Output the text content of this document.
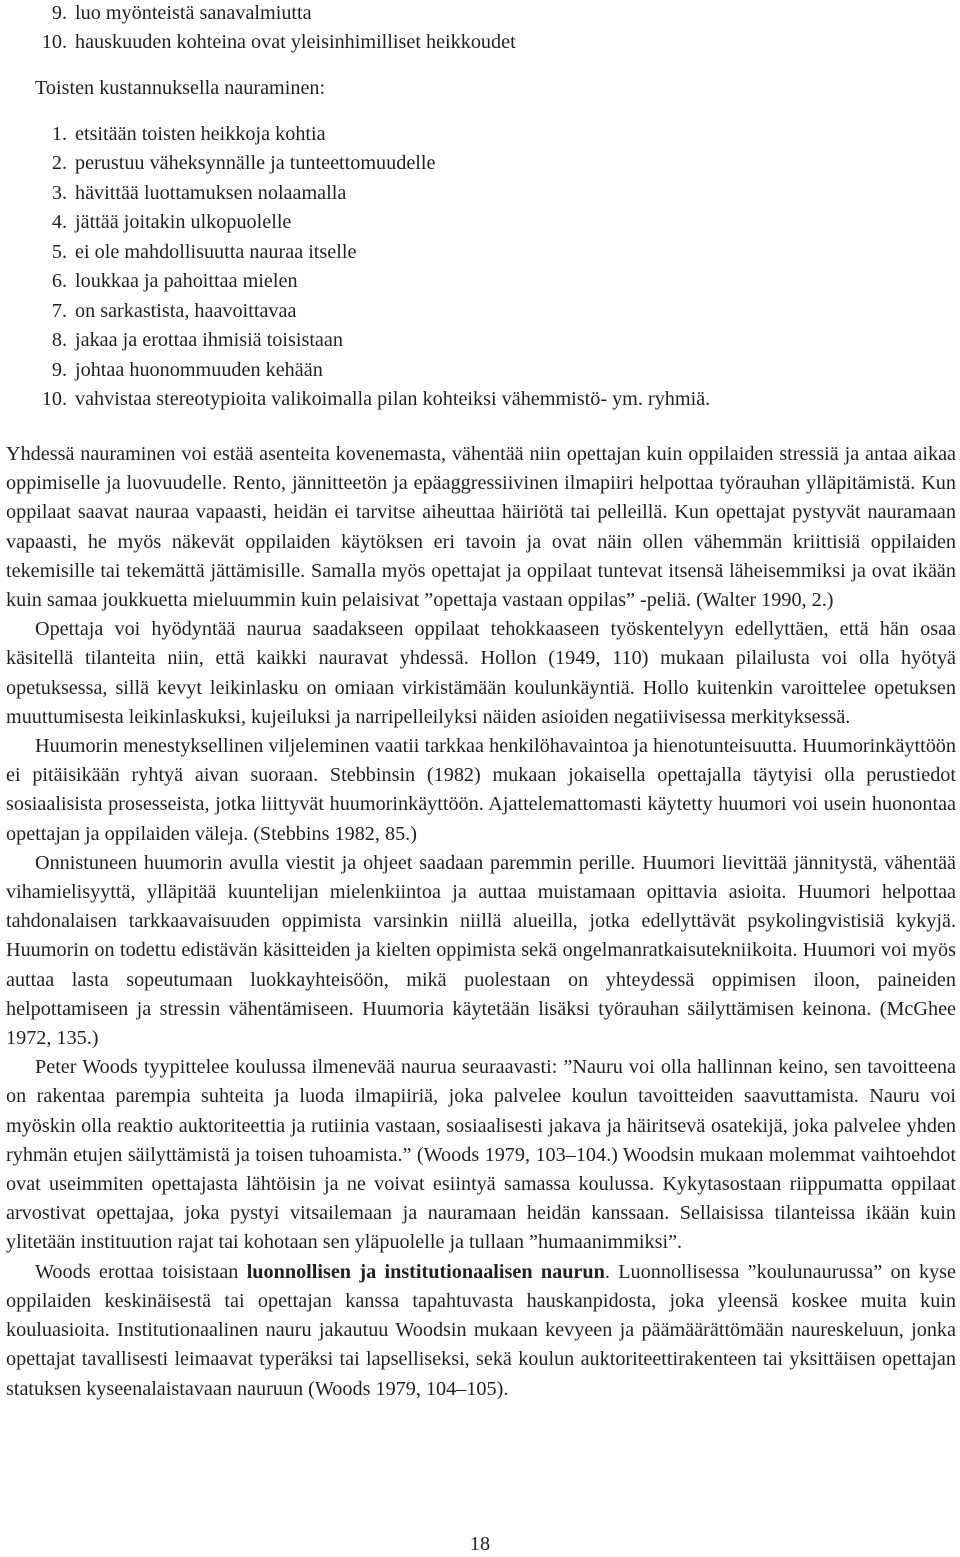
9. luo myönteistä sanavalmiutta
10. hauskuuden kohteina ovat yleisinhimilliset heikkoudet
Toisten kustannuksella nauraminen:
1. etsitään toisten heikkoja kohtia
2. perustuu väheksynnälle ja tunteettomuudelle
3. hävittää luottamuksen nolaamalla
4. jättää joitakin ulkopuolelle
5. ei ole mahdollisuutta nauraa itselle
6. loukkaa ja pahoittaa mielen
7. on sarkastista, haavoittavaa
8. jakaa ja erottaa ihmisiä toisistaan
9. johtaa huonommuuden kehään
10. vahvistaa stereotypioita valikoimalla pilan kohteiksi vähemmistö- ym. ryhmiä.

Yhdessä nauraminen voi estää asenteita kovenemasta, vähentää niin opettajan kuin oppilaiden stressiä ja antaa aikaa oppimiselle ja luovuudelle. Rento, jännitteetön ja epäaggressiivinen ilmapiiri helpottaa työrauhan ylläpitämistä. Kun oppilaat saavat nauraa vapaasti, heidän ei tarvitse aiheuttaa häiriötä tai pelleillä. Kun opettajat pystyvät nauramaan vapaasti, he myös näkevät oppilaiden käytöksen eri tavoin ja ovat näin ollen vähemmän kriittisiä oppilaiden tekemisille tai tekemättä jättämisille. Samalla myös opettajat ja oppilaat tuntevat itsensä läheisemmiksi ja ovat ikään kuin samaa joukkuetta mieluummin kuin pelaisivat ”opettaja vastaan oppilas” -peliä. (Walter 1990, 2.)

Opettaja voi hyödyntää naurua saadakseen oppilaat tehokkaaseen työskentelyyn edellyttäen, että hän osaa käsitellä tilanteita niin, että kaikki nauravat yhdessä. Hollon (1949, 110) mukaan pilailusta voi olla hyötyä opetuksessa, sillä kevyt leikinlasku on omiaan virkistämään koulunkäyntiä. Hollo kuitenkin varoittelee opetuksen muuttumisesta leikinlaskuksi, kujeiluksi ja narripelleilyksi näiden asioiden negatiivisessa merkityksessä.

Huumorin menestyksellinen viljeleminen vaatii tarkkaa henkilöhavaintoa ja hienotunteisuutta. Huumorinkäyttöön ei pitäisikään ryhtyä aivan suoraan. Stebbinsin (1982) mukaan jokaisella opettajalla täytyisi olla perustiedot sosiaalisista prosesseista, jotka liittyvät huumorinkäyttöön. Ajattelemattomasti käytetty huumori voi usein huonontaa opettajan ja oppilaiden väleja. (Stebbins 1982, 85.)

Onnistuneen huumorin avulla viestit ja ohjeet saadaan paremmin perille. Huumori lievittää jännitystä, vähentää vihamielisyyttä, ylläpitää kuuntelijan mielenkiintoa ja auttaa muistamaan opittavia asioita. Huumori helpottaa tahdonalaisen tarkkaavaisuuden oppimista varsinkin niillä alueilla, jotka edellyttävät psykolingvistisiä kykyjä. Huumorin on todettu edistävän käsitteiden ja kielten oppimista sekä ongelmanratkaisutekniikoita. Huumori voi myös auttaa lasta sopeutumaan luokkayhteisöön, mikä puolestaan on yhteydessä oppimisen iloon, paineiden helpottamiseen ja stressin vähentämiseen. Huumoria käytetään lisäksi työrauhan säilyttämisen keinona. (McGhee 1972, 135.)

Peter Woods tyypittelee koulussa ilmenevää naurua seuraavasti: ”Nauru voi olla hallinnan keino, sen tavoitteena on rakentaa parempia suhteita ja luoda ilmapiiriä, joka palvelee koulun tavoitteiden saavuttamista. Nauru voi myöskin olla reaktio auktoriteettia ja rutiinia vastaan, sosiaalisesti jakava ja häiritsevä osatekijä, joka palvelee yhden ryhmän etujen säilyttämistä ja toisen tuhoamista.” (Woods 1979, 103–104.) Woodsin mukaan molemmat vaihtoehdot ovat useimmiten opettajasta lähtöisin ja ne voivat esiintyä samassa koulussa. Kykytasostaan riippumatta oppilaat arvostivat opettajaa, joka pystyi vitsailemaan ja nauramaan heidän kanssaan. Sellaisissa tilanteissa ikään kuin ylitetään instituution rajat tai kohotaan sen yläpuolelle ja tullaan ”humaanimmiksi”.

Woods erottaa toisistaan luonnollisen ja institutionaalisen naurun. Luonnollisessa ”koulunaurussa” on kyse oppilaiden keskinäisestä tai opettajan kanssa tapahtuvasta hauskanpidosta, joka yleensä koskee muita kuin kouluasioita. Institutionaalinen nauru jakautuu Woodsin mukaan kevyeen ja päämäärättömään naureskeluun, jonka opettajat tavallisesti leimaavat typeräksi tai lapselliseksi, sekä koulun auktoriteettirakenteen tai yksittäisen opettajan statuksen kyseenalaistavaan nauruun (Woods 1979, 104–105).

18
